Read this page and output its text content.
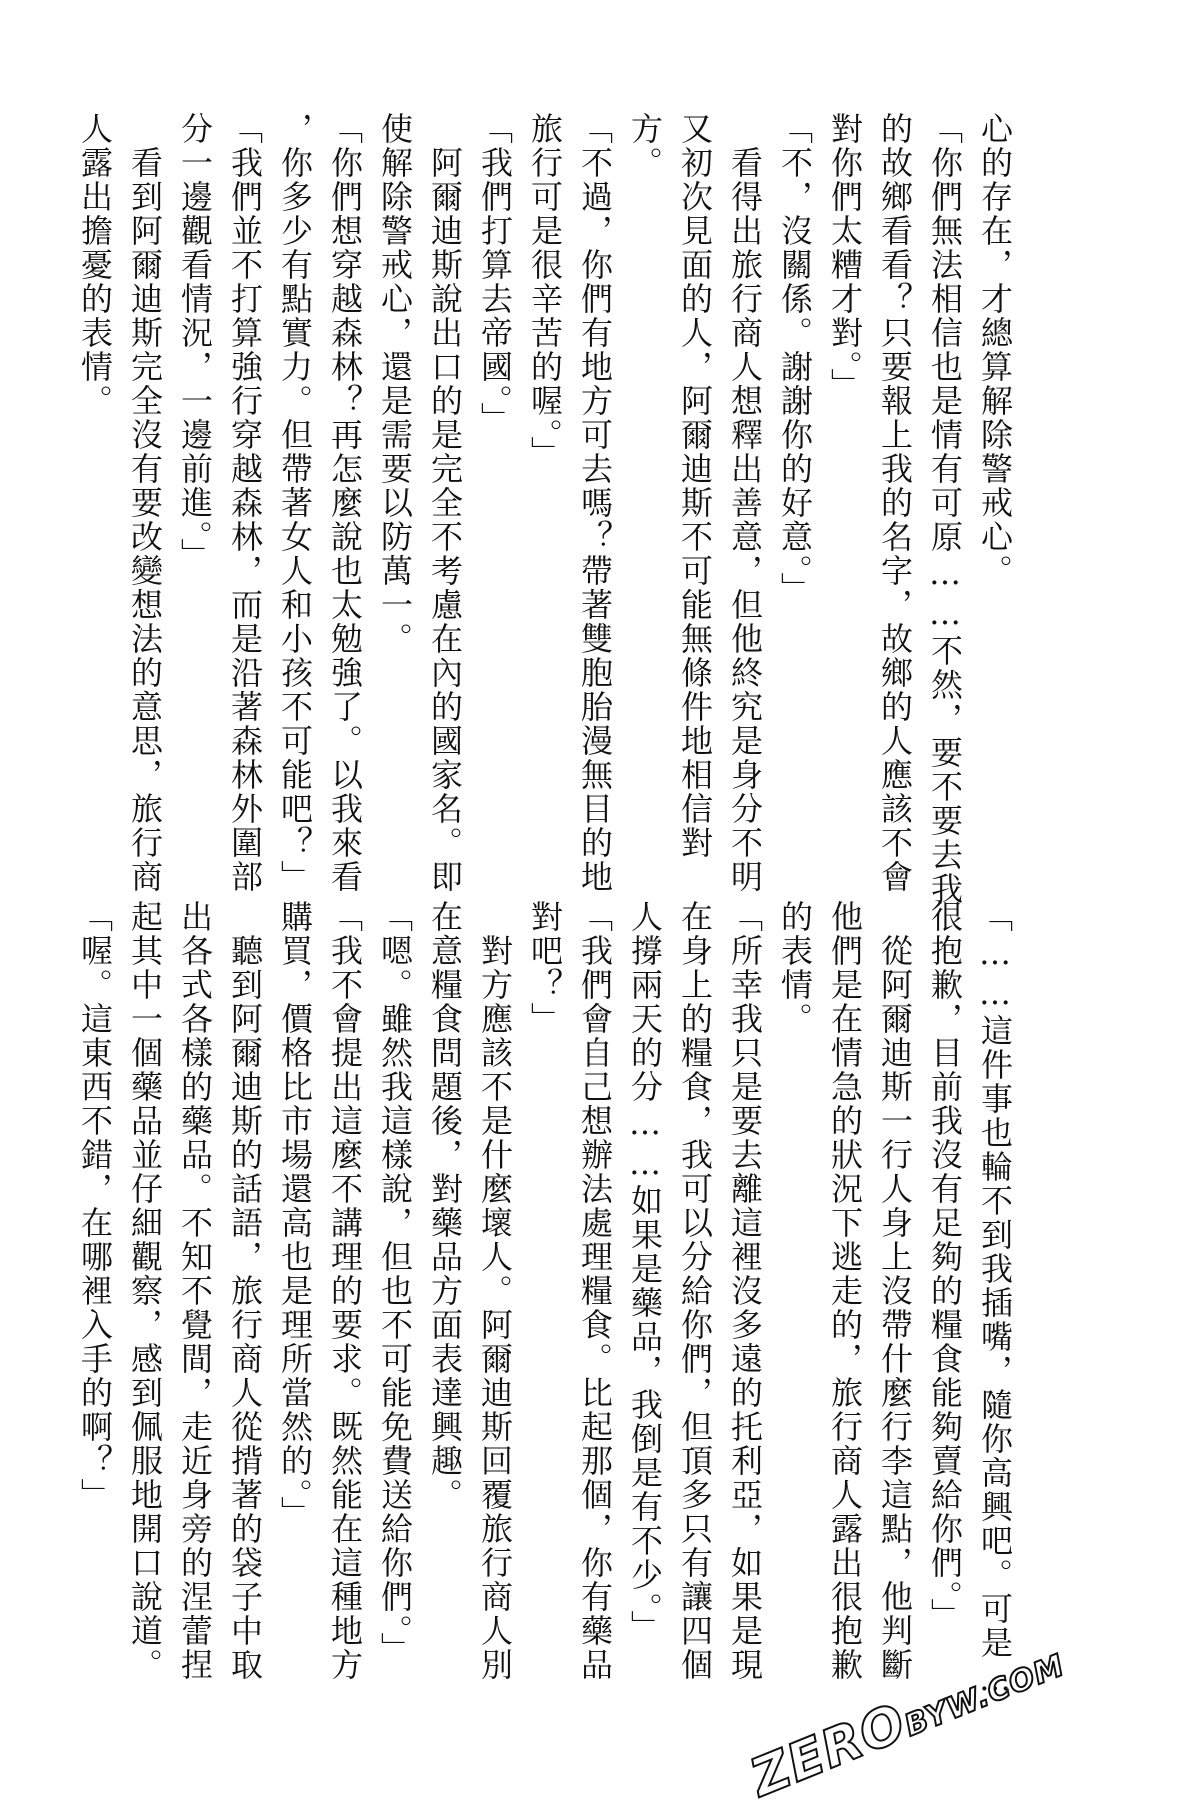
心的存在，才總算解除警戒心。
「你們無法相信也是情有可原……不然，要不要去我
的故鄉看看？只要報上我的名字，故鄉的人應該不會
對你們太糟才對。」
「不，沒關係。謝謝你的好意。」
　看得出旅行商人想釋出善意，但他終究是身分不明
又初次見面的人，阿爾迪斯不可能無條件地相信對
方。
「不過，你們有地方可去嗎？帶著雙胞胎漫無目的地
旅行可是很辛苦的喔。」
「我們打算去帝國。」
　阿爾迪斯說出口的是完全不考慮在內的國家名。即
使解除警戒心，還是需要以防萬一。
「你們想穿越森林？再怎麼說也太勉強了。以我來看
，你多少有點實力。但帶著女人和小孩不可能吧？」
「我們並不打算強行穿越森林，而是沿著森林外圍部
分一邊觀看情況，一邊前進。」
　看到阿爾迪斯完全沒有要改變想法的意思，旅行商
人露出擔憂的表情。
「……這件事也輪不到我插嘴，隨你高興吧。可是…
很抱歉，目前我沒有足夠的糧食能夠賣給你們。」
　從阿爾迪斯一行人身上沒帶什麼行李這點，他判斷
他們是在情急的狀況下逃走的，旅行商人露出很抱歉
的表情。
「所幸我只是要去離這裡沒多遠的托利亞，如果是現
在身上的糧食，我可以分給你們，但頂多只有讓四個
人撐兩天的分……如果是藥品，我倒是有不少。」
「我們會自己想辦法處理糧食。比起那個，你有藥品
對吧？」
　對方應該不是什麼壞人。阿爾迪斯回覆旅行商人別
在意糧食問題後，對藥品方面表達興趣。
「嗯。雖然我這樣說，但也不可能免費送給你們。」
「我不會提出這麼不講理的要求。既然能在這種地方
購買，價格比市場還高也是理所當然的。」
　聽到阿爾迪斯的話語，旅行商人從揹著的袋子中取
出各式各樣的藥品。不知不覺間，走近身旁的涅蕾捏
起其中一個藥品並仔細觀察，感到佩服地開口說道。
「喔。這東西不錯，在哪裡入手的啊？」
ZEROBYW.COM
